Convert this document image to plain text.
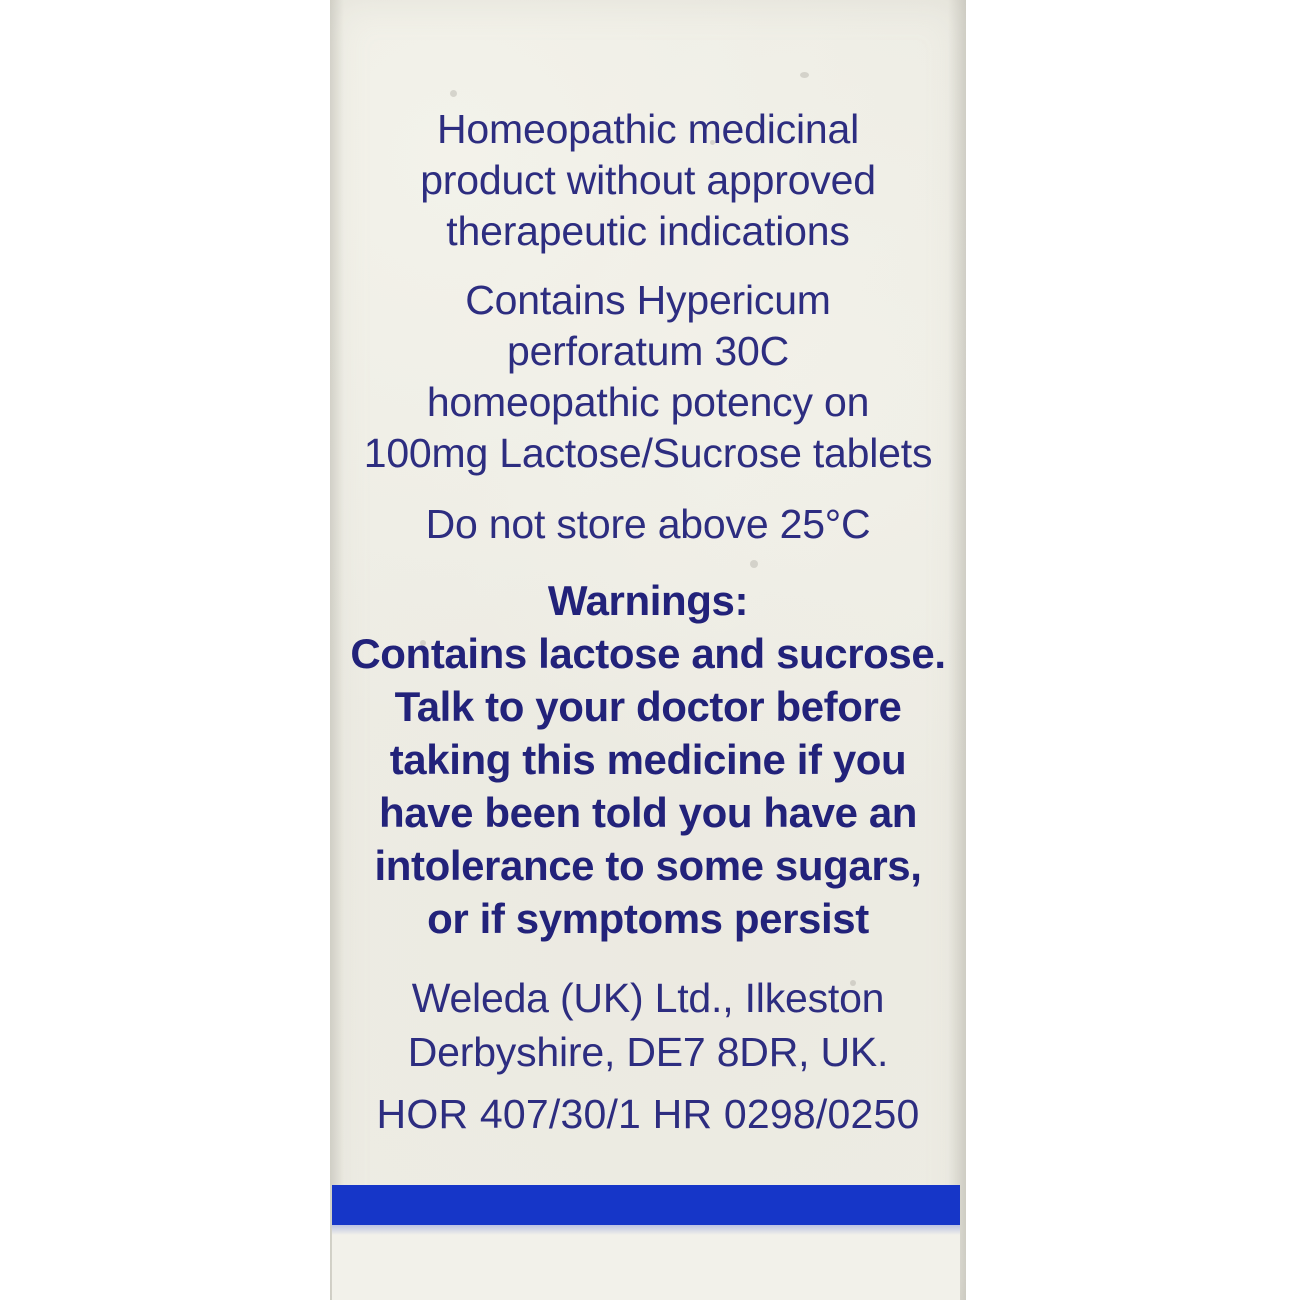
Homeopathic medicinal
product without approved
therapeutic indications
Contains Hypericum
perforatum 30C
homeopathic potency on
100mg Lactose/Sucrose tablets
Do not store above 25°C
Warnings:
Contains lactose and sucrose.
Talk to your doctor before
taking this medicine if you
have been told you have an
intolerance to some sugars,
or if symptoms persist
Weleda (UK) Ltd., Ilkeston
Derbyshire, DE7 8DR, UK.
HOR 407/30/1 HR 0298/0250
